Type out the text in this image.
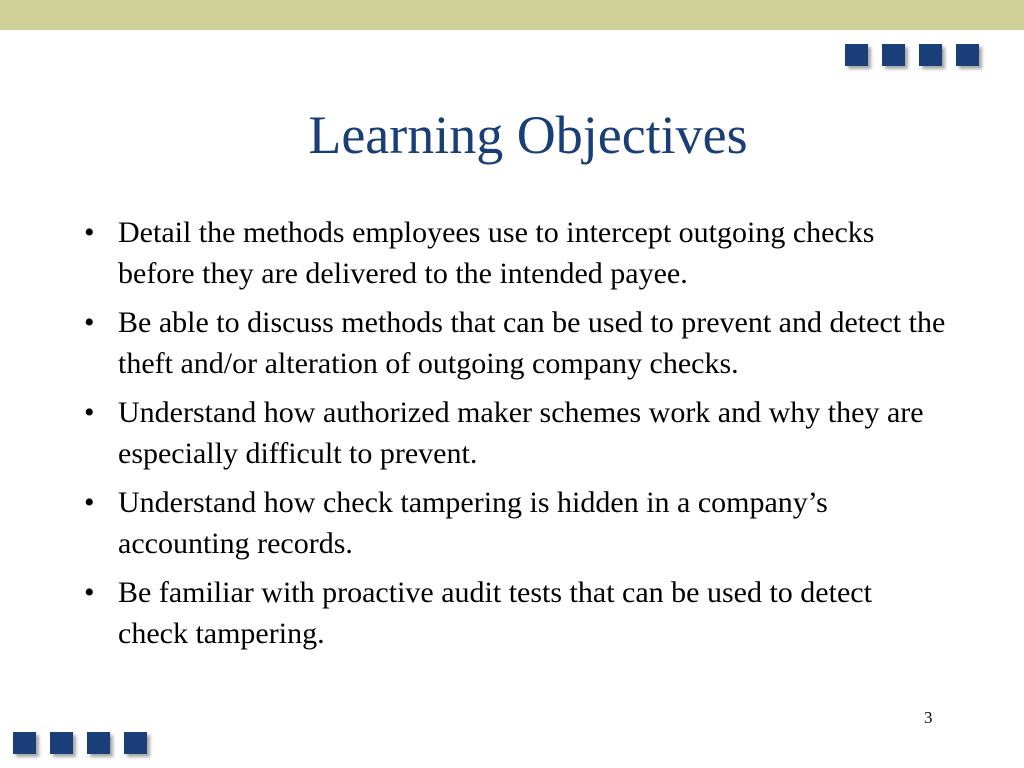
Learning Objectives
• Detail the methods employees use to intercept outgoing checks before they are delivered to the intended payee.
• Be able to discuss methods that can be used to prevent and detect the theft and/or alteration of outgoing company checks.
• Understand how authorized maker schemes work and why they are especially difficult to prevent.
• Understand how check tampering is hidden in a company’s accounting records.
• Be familiar with proactive audit tests that can be used to detect check tampering.
3
